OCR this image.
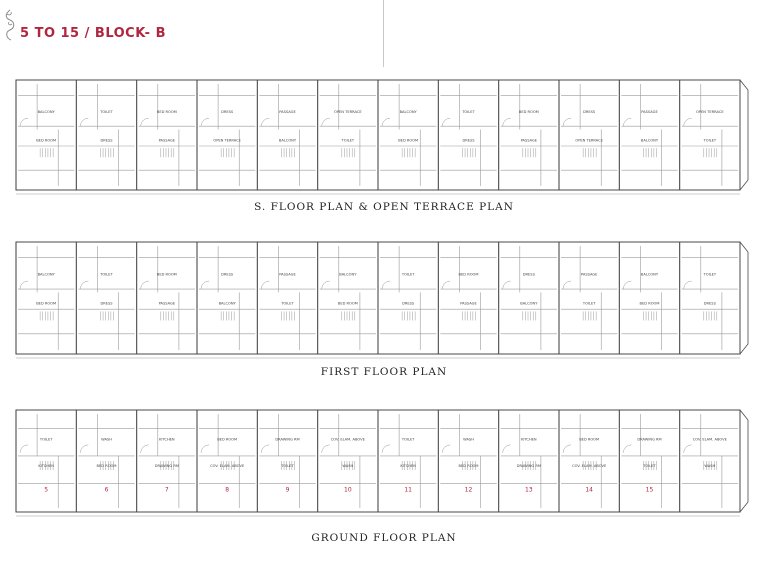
5 TO 15 / BLOCK- B
BALCONY
BED ROOM
TOILET
DRESS
BED ROOM
PASSAGE
DRESS
OPEN TERRACE
PASSAGE
BALCONY
OPEN TERRACE
TOILET
BALCONY
BED ROOM
TOILET
DRESS
BED ROOM
PASSAGE
DRESS
OPEN TERRACE
PASSAGE
BALCONY
OPEN TERRACE
TOILET
S. FLOOR PLAN & OPEN TERRACE PLAN
BALCONY
BED ROOM
TOILET
DRESS
BED ROOM
PASSAGE
DRESS
BALCONY
PASSAGE
TOILET
BALCONY
BED ROOM
TOILET
DRESS
BED ROOM
PASSAGE
DRESS
BALCONY
PASSAGE
TOILET
BALCONY
BED ROOM
TOILET
DRESS
FIRST FLOOR PLAN
TOILET
KITCHEN
5
WASH
BED ROOM
6
KITCHEN
DRAWING RM
7
BED ROOM
COV. ELAM. ABOVE
8
DRAWING RM
TOILET
9
COV. ELAM. ABOVE
WASH
10
TOILET
KITCHEN
11
WASH
BED ROOM
12
KITCHEN
DRAWING RM
13
BED ROOM
COV. ELAM. ABOVE
14
DRAWING RM
TOILET
15
COV. ELAM. ABOVE
WASH
GROUND FLOOR PLAN
